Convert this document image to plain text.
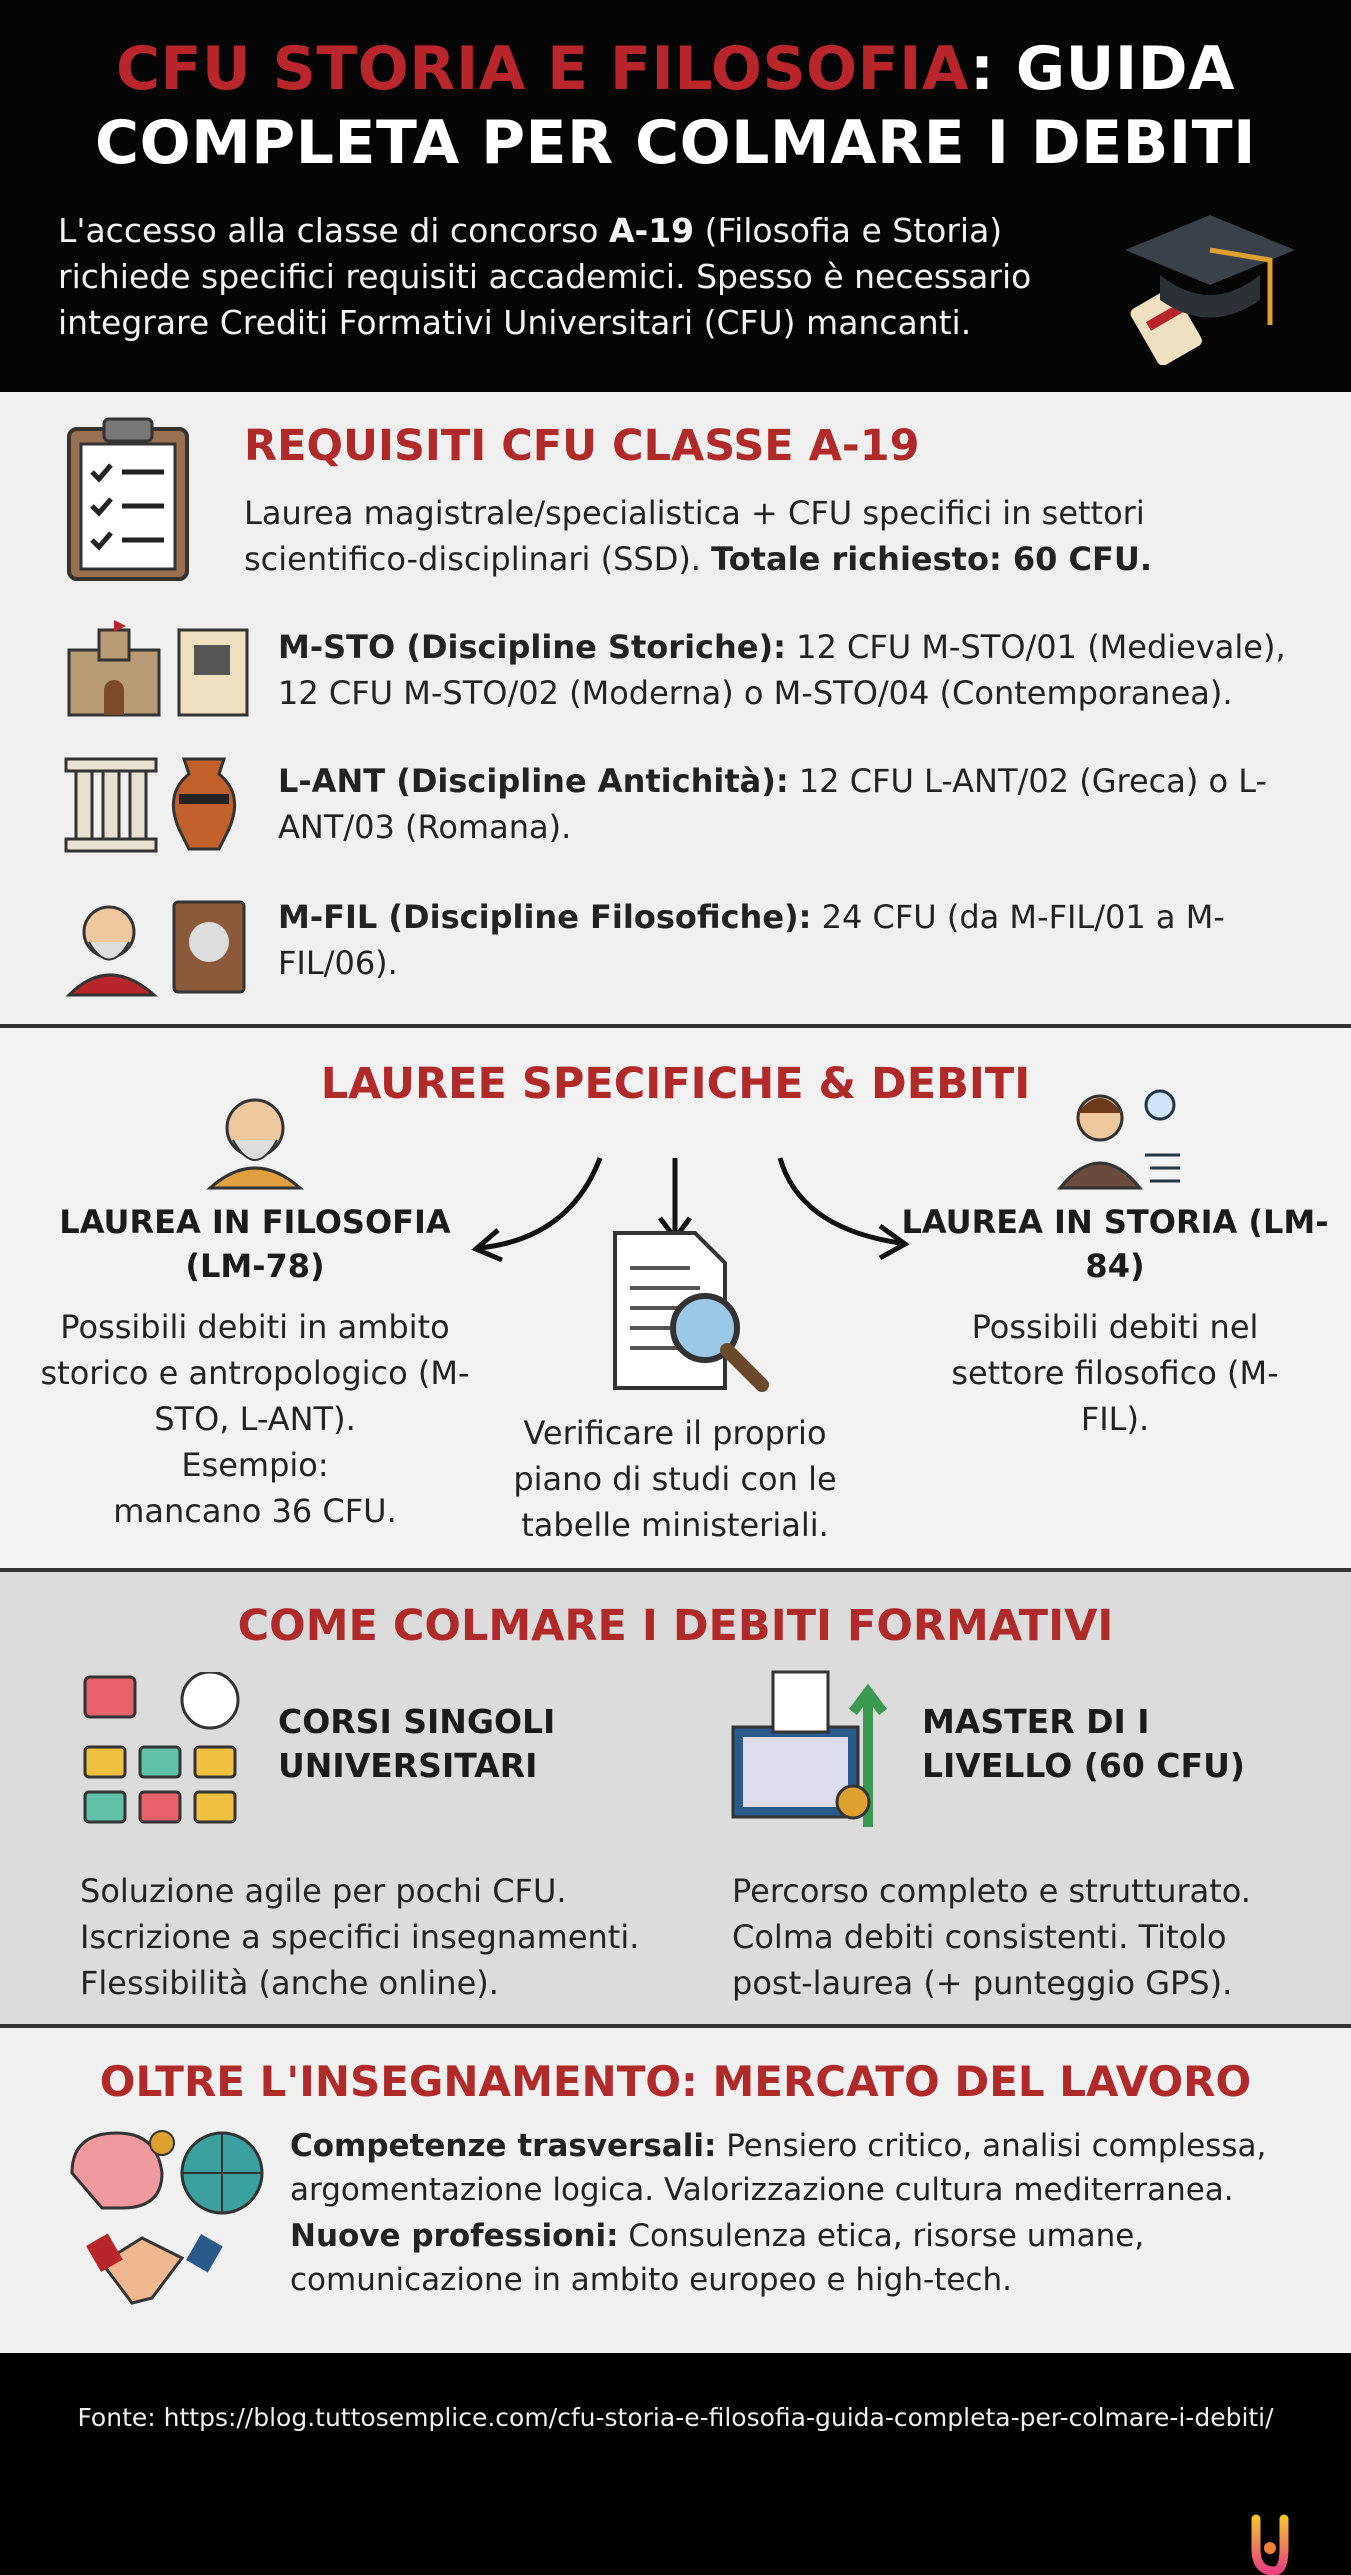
CFU STORIA E FILOSOFIA: GUIDA COMPLETA PER COLMARE I DEBITI

L'accesso alla classe di concorso A-19 (Filosofia e Storia) richiede specifici requisiti accademici. Spesso è necessario integrare Crediti Formativi Universitari (CFU) mancanti.

REQUISITI CFU CLASSE A-19

Laurea magistrale/specialistica + CFU specifici in settori scientifico-disciplinari (SSD). Totale richiesto: 60 CFU.

M-STO (Discipline Storiche): 12 CFU M-STO/01 (Medievale), 12 CFU M-STO/02 (Moderna) o M-STO/04 (Contemporanea).

L-ANT (Discipline Antichità): 12 CFU L-ANT/02 (Greca) o L-ANT/03 (Romana).

M-FIL (Discipline Filosofiche): 24 CFU (da M-FIL/01 a M-FIL/06).

LAUREE SPECIFICHE & DEBITI
LAUREA IN FILOSOFIA (LM-78)

Possibili debiti in ambito storico e antropologico (M-STO, L-ANT).

Esempio:
mancano 36 CFU.

Verificare il proprio piano di studi con le tabelle ministeriali.

LAUREA IN STORIA (LM-84)

Possibili debiti nel settore filosofico (M-FIL).

COME COLMARE I DEBITI FORMATIVI
CORSI SINGOLI UNIVERSITARI

Soluzione agile per pochi CFU. Iscrizione a specifici insegnamenti. Flessibilità (anche online).

MASTER DI I LIVELLO (60 CFU)

Percorso completo e strutturato. Colma debiti consistenti. Titolo post-laurea (+ punteggio GPS).

OLTRE L'INSEGNAMENTO: MERCATO DEL LAVORO

Competenze trasversali: Pensiero critico, analisi complessa, argomentazione logica. Valorizzazione cultura mediterranea.

Nuove professioni: Consulenza etica, risorse umane, comunicazione in ambito europeo e high-tech.

Fonte: https://blog.tuttosemplice.com/cfu-storia-e-filosofia-guida-completa-per-colmare-i-debiti/
